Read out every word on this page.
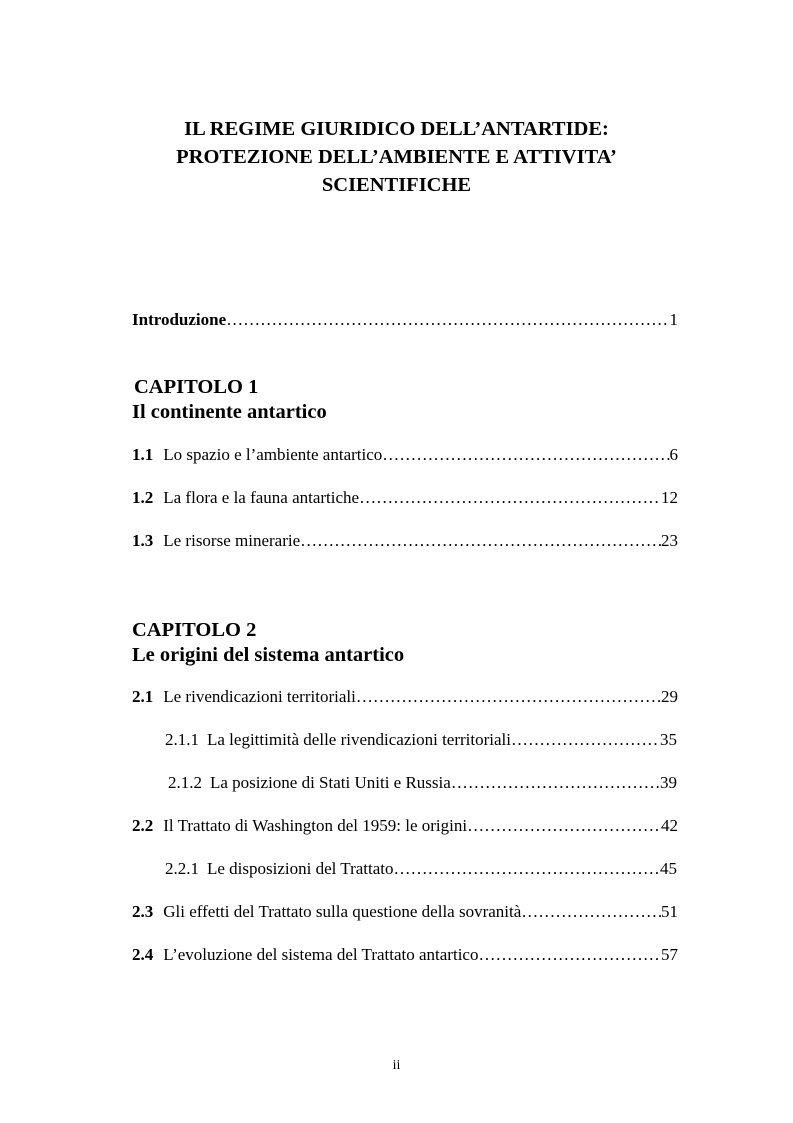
IL REGIME GIURIDICO DELL’ANTARTIDE:
PROTEZIONE DELL’AMBIENTE E ATTIVITA’
SCIENTIFICHE
Introduzione ……………………………………………………………………………………………………………………………………………………	1
CAPITOLO 1
Il continente antartico
1.1 Lo spazio e l’ambiente antartico ……………………………………………………………………………………………………………………………………………………	6
1.2 La flora e la fauna antartiche ……………………………………………………………………………………………………………………………………………………	12
1.3 Le risorse minerarie ……………………………………………………………………………………………………………………………………………………	23
CAPITOLO 2
Le origini del sistema antartico
2.1 Le rivendicazioni territoriali ……………………………………………………………………………………………………………………………………………………	29
2.1.1 La legittimità delle rivendicazioni territoriali ……………………………………………………………………………………………………………………………………………………	35
2.1.2 La posizione di Stati Uniti e Russia ……………………………………………………………………………………………………………………………………………………	39
2.2 Il Trattato di Washington del 1959: le origini ……………………………………………………………………………………………………………………………………………………	42
2.2.1 Le disposizioni del Trattato ……………………………………………………………………………………………………………………………………………………	45
2.3 Gli effetti del Trattato sulla questione della sovranità ……………………………………………………………………………………………………………………………………………………	51
2.4 L’evoluzione del sistema del Trattato antartico ……………………………………………………………………………………………………………………………………………………	57
ii
